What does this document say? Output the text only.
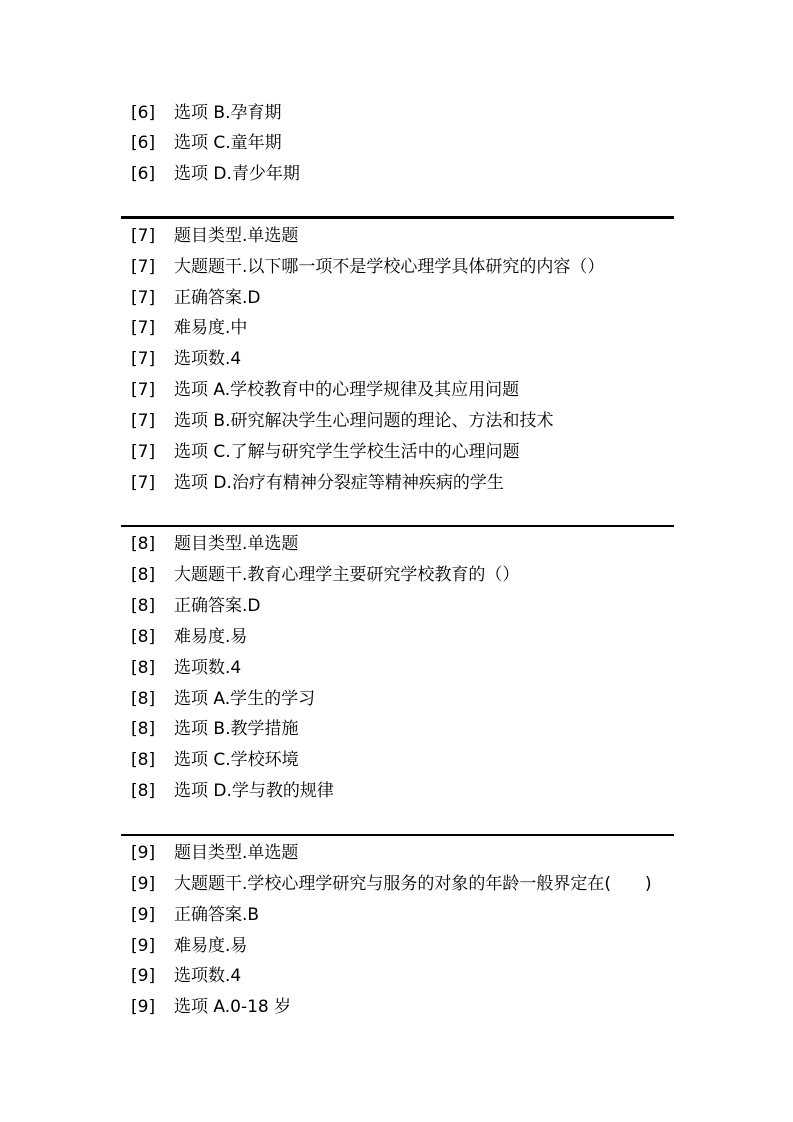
[6] 选项 B.孕育期
[6] 选项 C.童年期
[6] 选项 D.青少年期
[7] 题目类型.单选题
[7] 大题题干.以下哪一项不是学校心理学具体研究的内容（）
[7] 正确答案.D
[7] 难易度.中
[7] 选项数.4
[7] 选项 A.学校教育中的心理学规律及其应用问题
[7] 选项 B.研究解决学生心理问题的理论、方法和技术
[7] 选项 C.了解与研究学生学校生活中的心理问题
[7] 选项 D.治疗有精神分裂症等精神疾病的学生
[8] 题目类型.单选题
[8] 大题题干.教育心理学主要研究学校教育的（）
[8] 正确答案.D
[8] 难易度.易
[8] 选项数.4
[8] 选项 A.学生的学习
[8] 选项 B.教学措施
[8] 选项 C.学校环境
[8] 选项 D.学与教的规律
[9] 题目类型.单选题
[9] 大题题干.学校心理学研究与服务的对象的年龄一般界定在(　　)
[9] 正确答案.B
[9] 难易度.易
[9] 选项数.4
[9] 选项 A.0-18 岁
